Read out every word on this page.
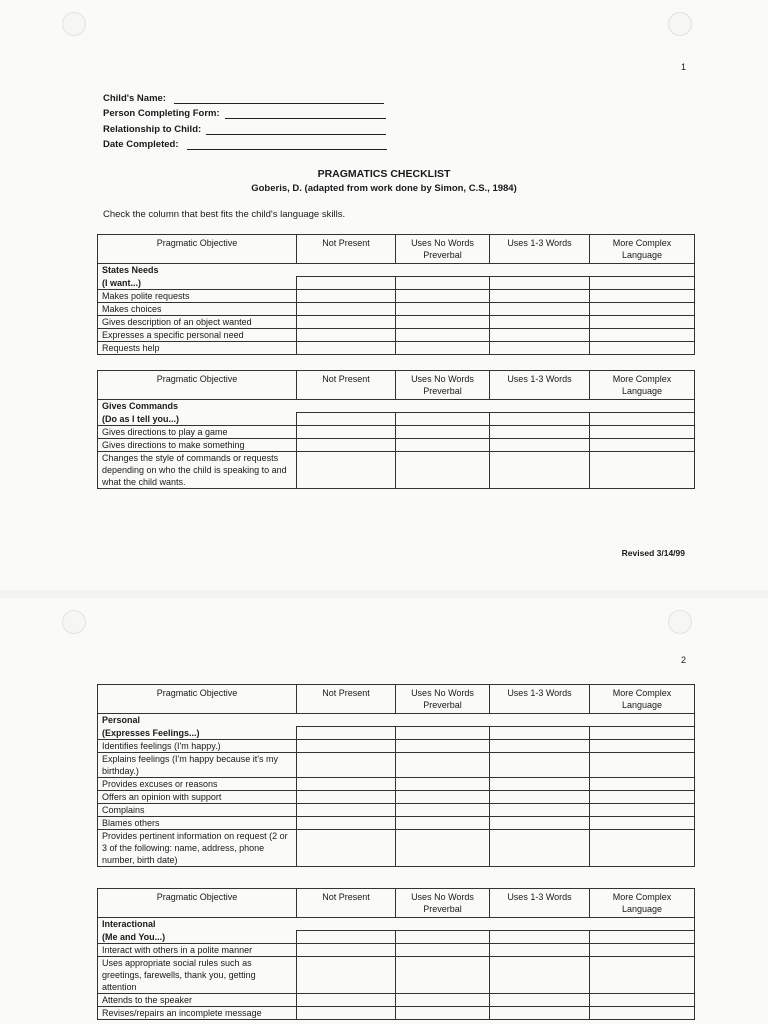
1
Child's Name:
Person Completing Form:
Relationship to Child:
Date Completed:
PRAGMATICS CHECKLIST
Goberis, D. (adapted from work done by Simon, C.S., 1984)
Check the column that best fits the child's language skills.
Pragmatic Objective	Not Present	Uses No Words Preverbal	Uses 1-3 Words	More Complex Language
States Needs				
(I want...)				
Makes polite requests				
Makes choices				
Gives description of an object wanted				
Expresses a specific personal need				
Requests help				
Pragmatic Objective	Not Present	Uses No Words Preverbal	Uses 1-3 Words	More Complex Language
Gives Commands				
(Do as I tell you...)				
Gives directions to play a game				
Gives directions to make something				
Changes the style of commands or requests depending on who the child is speaking to and what the child wants.				
Revised 3/14/99
2
Pragmatic Objective	Not Present	Uses No Words Preverbal	Uses 1-3 Words	More Complex Language
Personal				
(Expresses Feelings...)				
Identifies feelings (I'm happy.)				
Explains feelings (I'm happy because it's my birthday.)				
Provides excuses or reasons				
Offers an opinion with support				
Complains				
Blames others				
Provides pertinent information on request (2 or 3 of the following: name, address, phone number, birth date)				
Pragmatic Objective	Not Present	Uses No Words Preverbal	Uses 1-3 Words	More Complex Language
Interactional				
(Me and You...)				
Interact with others in a polite manner				
Uses appropriate social rules such as greetings, farewells, thank you, getting attention				
Attends to the speaker				
Revises/repairs an incomplete message				
